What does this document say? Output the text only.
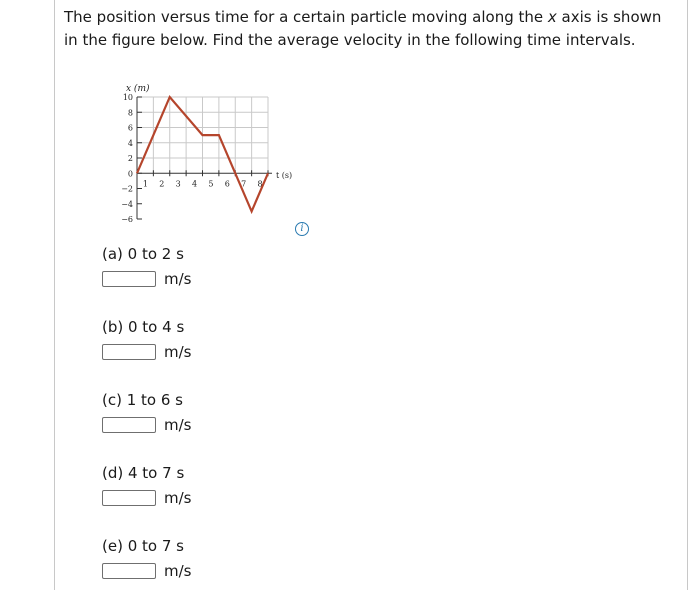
The position versus time for a certain particle moving along the x axis is shown in the figure below. Find the average velocity in the following time intervals.
10
8
6
4
2
0
−2
−4
−6
1 2 3 4 5 6 7 8
x (m)
t (s)
i
(a) 0 to 2 s
m/s
(b) 0 to 4 s
m/s
(c) 1 to 6 s
m/s
(d) 4 to 7 s
m/s
(e) 0 to 7 s
m/s
